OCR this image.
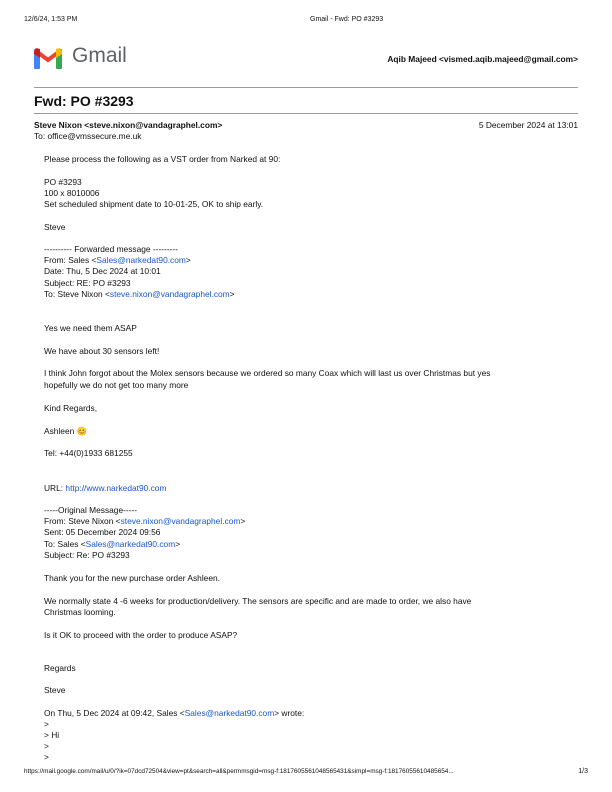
12/6/24, 1:53 PM	Gmail - Fwd: PO #3293
Gmail	Aqib Majeed <vismed.aqib.majeed@gmail.com>
Fwd: PO #3293
Steve Nixon <steve.nixon@vandagraphel.com>	5 December 2024 at 13:01
To: office@vmssecure.me.uk
Please process the following as a VST order from Narked at 90:
PO #3293
100 x 8010006
Set scheduled shipment date to 10-01-25, OK to ship early.
Steve
---------- Forwarded message ---------
From: Sales <Sales@narkedat90.com>
Date: Thu, 5 Dec 2024 at 10:01
Subject: RE: PO #3293
To: Steve Nixon <steve.nixon@vandagraphel.com>
Yes we need them ASAP
We have about 30 sensors left!
I think John forgot about the Molex sensors because we ordered so many Coax which will last us over Christmas but yes
hopefully we do not get too many more
Kind Regards,
Ashleen 😊
Tel: +44(0)1933 681255
URL: http://www.narkedat90.com
-----Original Message-----
From: Steve Nixon <steve.nixon@vandagraphel.com>
Sent: 05 December 2024 09:56
To: Sales <Sales@narkedat90.com>
Subject: Re: PO #3293
Thank you for the new purchase order Ashleen.
We normally state 4 -6 weeks for production/delivery. The sensors are specific and are made to order, we also have
Christmas looming.
Is it OK to proceed with the order to produce ASAP?
Regards
Steve
On Thu, 5 Dec 2024 at 09:42, Sales <Sales@narkedat90.com> wrote:
>
> Hi
>
>
https://mail.google.com/mail/u/0/?ik=07dcd72504&view=pt&search=all&permmsgid=msg-f:1817605561048565431&simpl=msg-f:18176055610485654...	1/3
